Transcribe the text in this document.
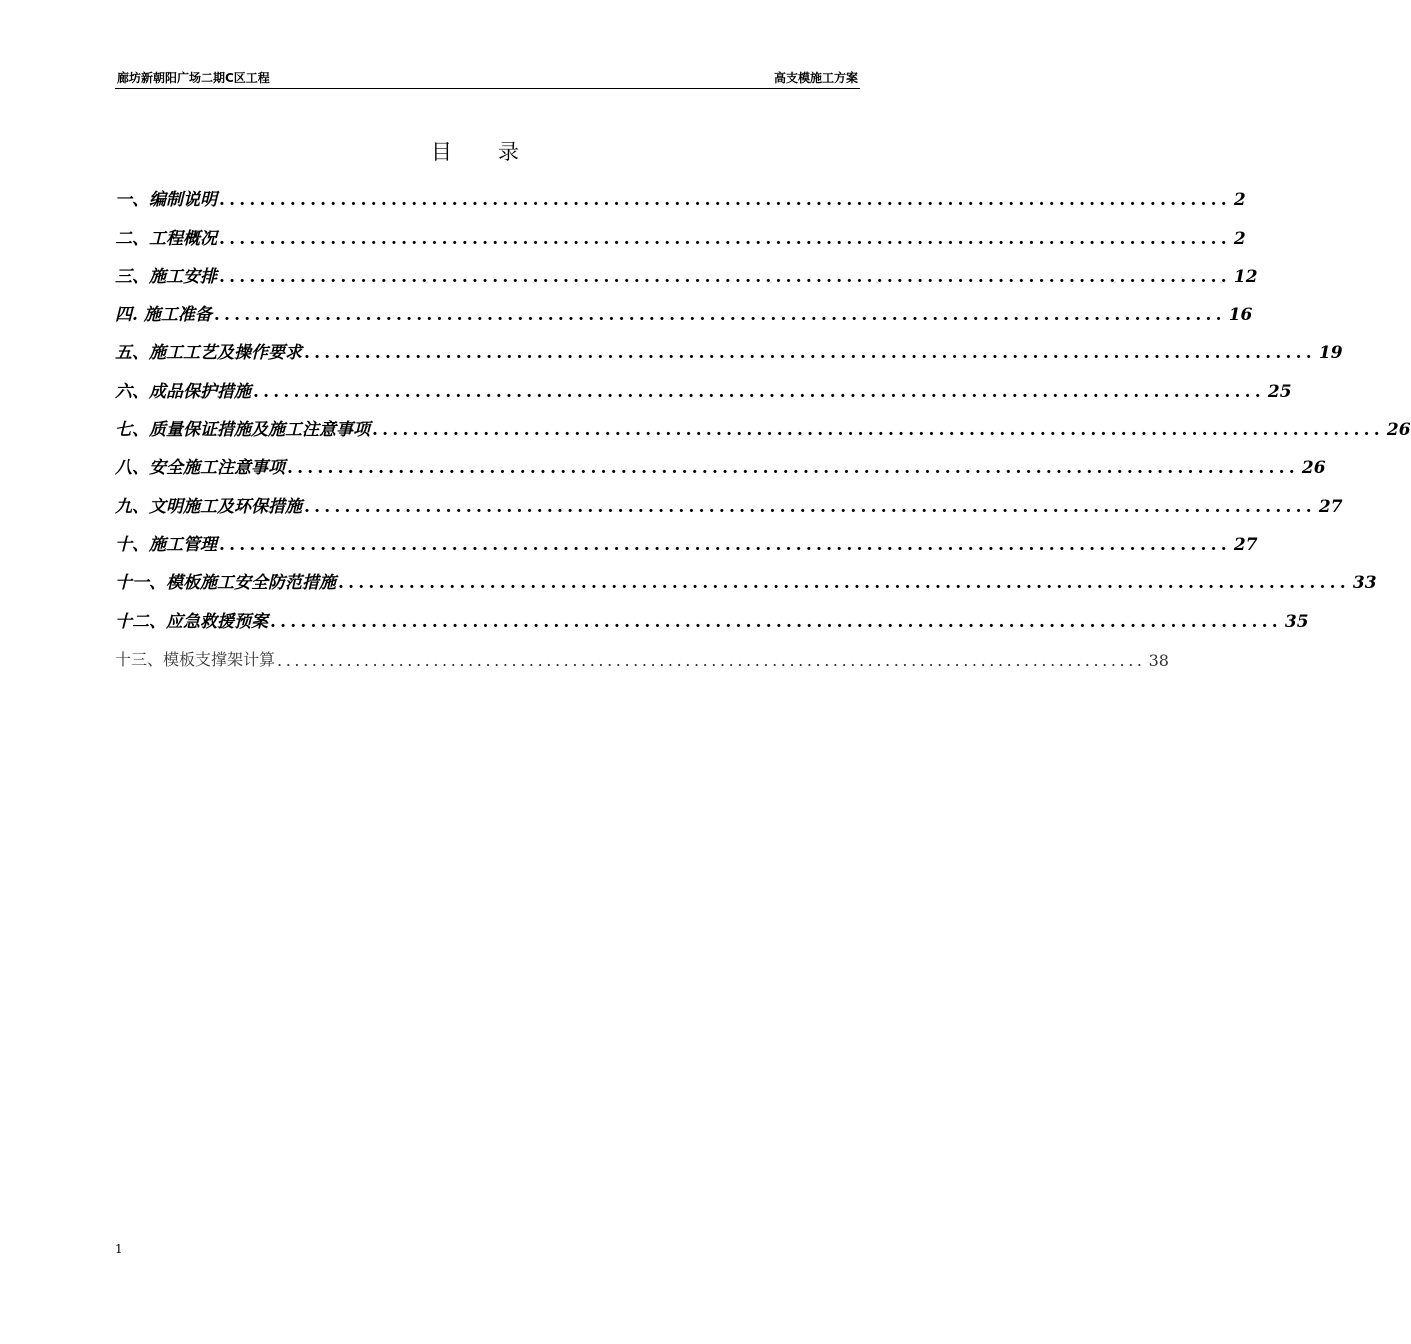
廊坊新朝阳广场二期C区工程	高支模施工方案
目录
一、编制说明 .................................................................................................... 2
二、工程概况 .................................................................................................... 2
三、施工安排 .................................................................................................... 12
四. 施工准备 .................................................................................................... 16
五、施工工艺及操作要求 .................................................................................................... 19
六、成品保护措施 .................................................................................................... 25
七、质量保证措施及施工注意事项 .................................................................................................... 26
八、安全施工注意事项 .................................................................................................... 26
九、文明施工及环保措施 .................................................................................................... 27
十、施工管理 .................................................................................................... 27
十一、模板施工安全防范措施 .................................................................................................... 33
十二、应急救援预案 .................................................................................................... 35
十三、模板支撑架计算 .................................................................................................... 38
1
